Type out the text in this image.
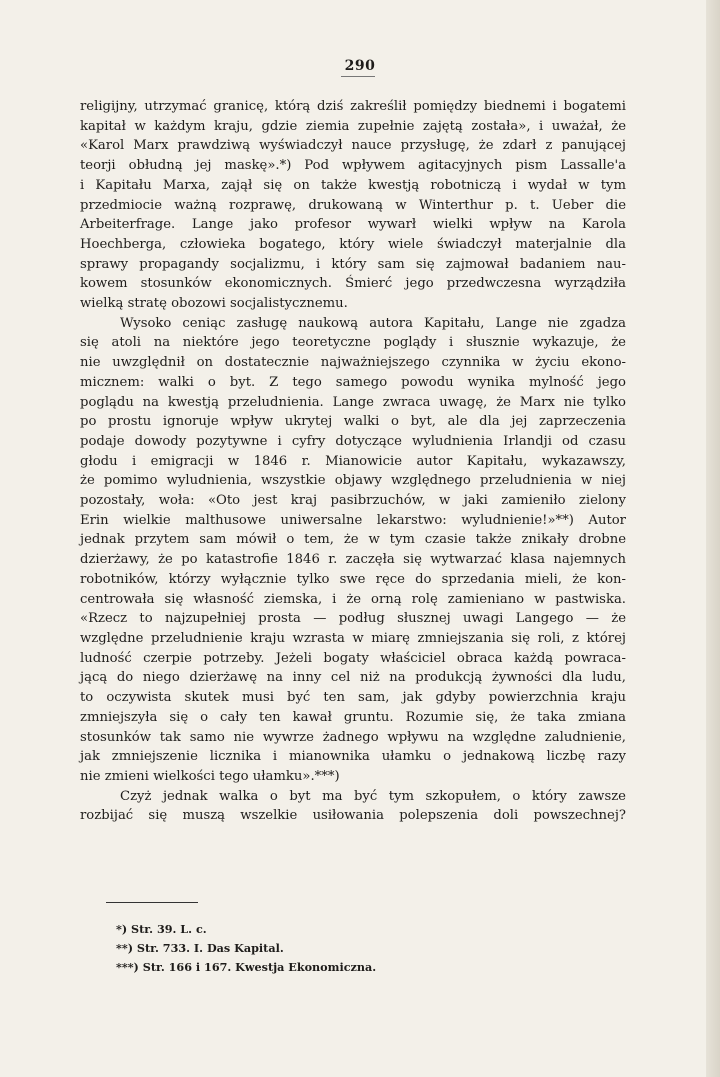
290
religijny, utrzymać granicę, którą dziś zakreślił pomiędzy biednemi i bogatemi
kapitał w każdym kraju, gdzie ziemia zupełnie zajętą została», i uważał, że
«Karol Marx prawdziwą wyświadczył nauce przysługę, że zdarł z panującej
teorji obłudną jej maskę».*) Pod wpływem agitacyjnych pism Lassalle'a
i Kapitału Marxa, zajął się on także kwestją robotniczą i wydał w tym
przedmiocie ważną rozprawę, drukowaną w Winterthur p. t. Ueber die
Arbeiterfrage. Lange jako profesor wywarł wielki wpływ na Karola
Hoechberga, człowieka bogatego, który wiele świadczył materjalnie dla
sprawy propagandy socjalizmu, i który sam się zajmował badaniem nau-
kowem stosunków ekonomicznych. Śmierć jego przedwczesna wyrządziła
wielką stratę obozowi socjalistycznemu.
Wysoko ceniąc zasługę naukową autora Kapitału, Lange nie zgadza
się atoli na niektóre jego teoretyczne poglądy i słusznie wykazuje, że
nie uwzględnił on dostatecznie najważniejszego czynnika w życiu ekono-
micznem: walki o byt. Z tego samego powodu wynika mylność jego
poglądu na kwestją przeludnienia. Lange zwraca uwagę, że Marx nie tylko
po prostu ignoruje wpływ ukrytej walki o byt, ale dla jej zaprzeczenia
podaje dowody pozytywne i cyfry dotyczące wyludnienia Irlandji od czasu
głodu i emigracji w 1846 r. Mianowicie autor Kapitału, wykazawszy,
że pomimo wyludnienia, wszystkie objawy względnego przeludnienia w niej
pozostały, woła: «Oto jest kraj pasibrzuchów, w jaki zamieniło zielony
Erin wielkie malthusowe uniwersalne lekarstwo: wyludnienie!»**) Autor
jednak przytem sam mówił o tem, że w tym czasie także znikały drobne
dzierżawy, że po katastrofie 1846 r. zaczęła się wytwarzać klasa najemnych
robotników, którzy wyłącznie tylko swe ręce do sprzedania mieli, że kon-
centrowała się własność ziemska, i że orną rolę zamieniano w pastwiska.
«Rzecz to najzupełniej prosta — podług słusznej uwagi Langego — że
względne przeludnienie kraju wzrasta w miarę zmniejszania się roli, z której
ludność czerpie potrzeby. Jeżeli bogaty właściciel obraca każdą powraca-
jącą do niego dzierżawę na inny cel niż na produkcją żywności dla ludu,
to oczywista skutek musi być ten sam, jak gdyby powierzchnia kraju
zmniejszyła się o cały ten kawał gruntu. Rozumie się, że taka zmiana
stosunków tak samo nie wywrze żadnego wpływu na względne zaludnienie,
jak zmniejszenie licznika i mianownika ułamku o jednakową liczbę razy
nie zmieni wielkości tego ułamku».***)
Czyż jednak walka o byt ma być tym szkopułem, o który zawsze
rozbijać się muszą wszelkie usiłowania polepszenia doli powszechnej?
*) Str. 39. L. c.
**) Str. 733. I. Das Kapital.
***) Str. 166 i 167. Kwestja Ekonomiczna.
